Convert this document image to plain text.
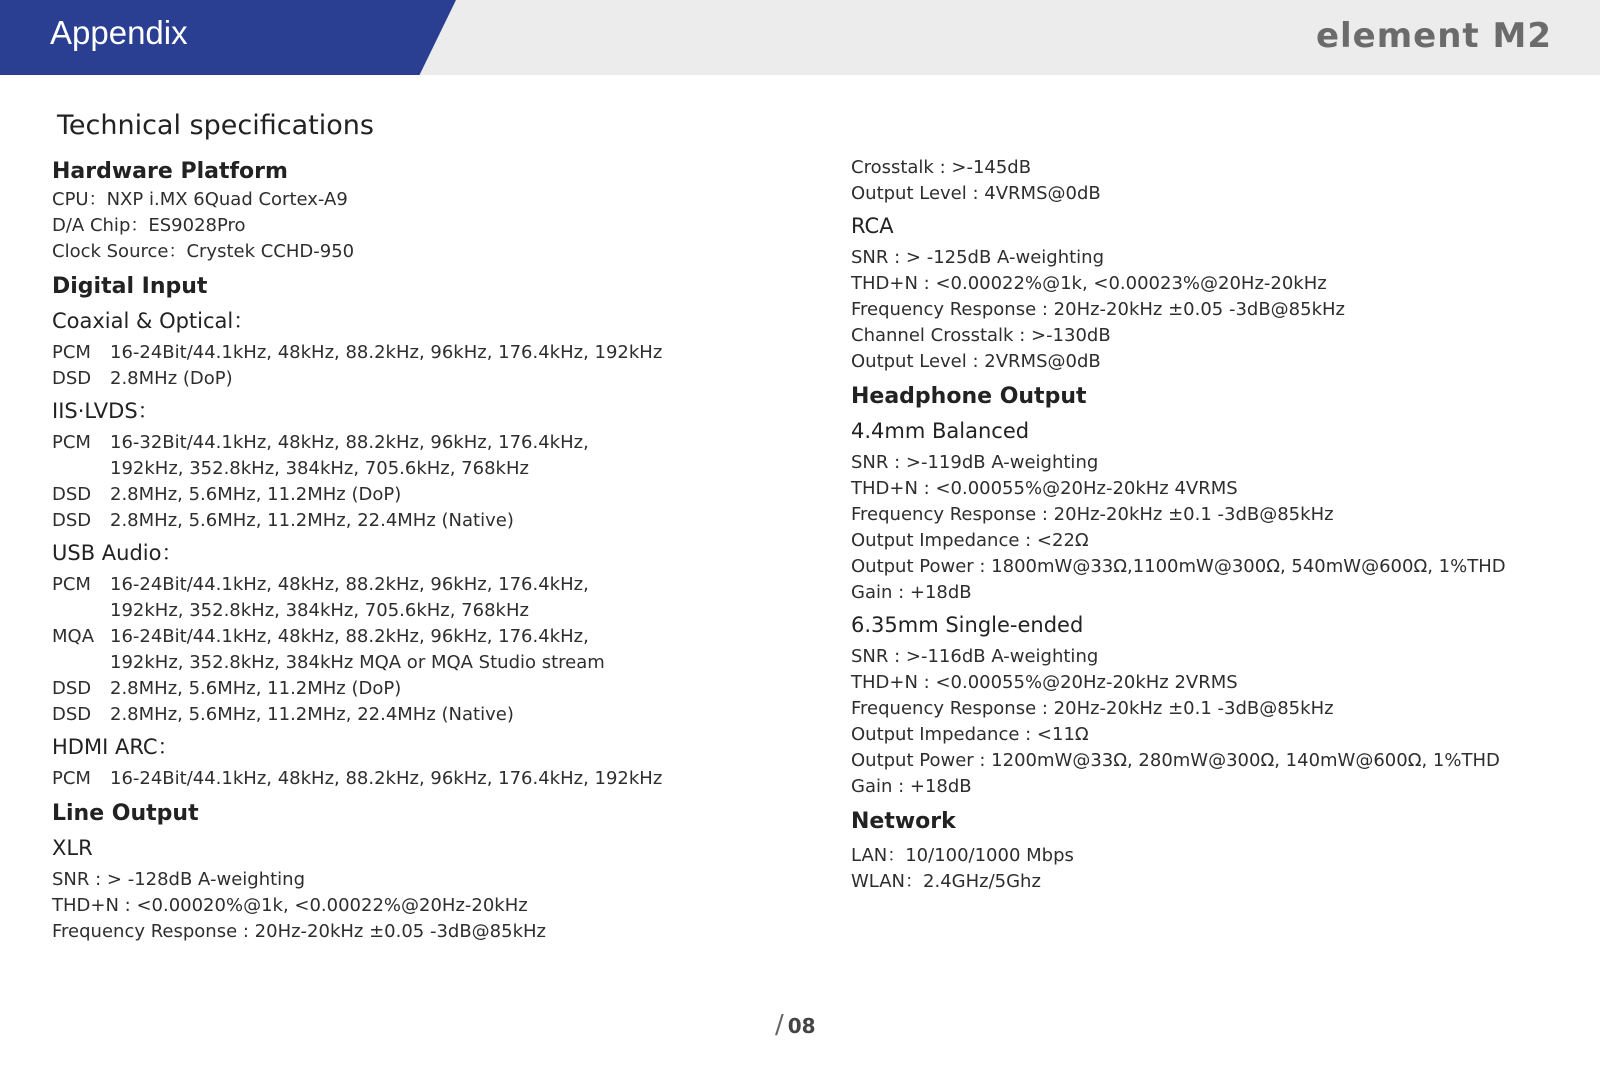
Appendix	element M2
Technical specifications
Hardware Platform
CPU：NXP i.MX 6Quad Cortex-A9
D/A Chip：ES9028Pro
Clock Source：Crystek CCHD-950
Digital Input
Coaxial & Optical：
PCM	16-24Bit/44.1kHz, 48kHz, 88.2kHz, 96kHz, 176.4kHz, 192kHz
DSD	2.8MHz (DoP)
IIS·LVDS：
PCM	16-32Bit/44.1kHz, 48kHz, 88.2kHz, 96kHz, 176.4kHz,
192kHz, 352.8kHz, 384kHz, 705.6kHz, 768kHz
DSD	2.8MHz, 5.6MHz, 11.2MHz (DoP)
DSD	2.8MHz, 5.6MHz, 11.2MHz, 22.4MHz (Native)
USB Audio：
PCM	16-24Bit/44.1kHz, 48kHz, 88.2kHz, 96kHz, 176.4kHz,
192kHz, 352.8kHz, 384kHz, 705.6kHz, 768kHz
MQA 16-24Bit/44.1kHz, 48kHz, 88.2kHz, 96kHz, 176.4kHz,
192kHz, 352.8kHz, 384kHz MQA or MQA Studio stream
DSD	2.8MHz, 5.6MHz, 11.2MHz (DoP)
DSD	2.8MHz, 5.6MHz, 11.2MHz, 22.4MHz (Native)
HDMI ARC：
PCM	16-24Bit/44.1kHz, 48kHz, 88.2kHz, 96kHz, 176.4kHz, 192kHz
Line Output
XLR
SNR : > -128dB A-weighting
THD+N : <0.00020%@1k, <0.00022%@20Hz-20kHz
Frequency Response : 20Hz-20kHz ±0.05 -3dB@85kHz
Crosstalk : >-145dB
Output Level : 4VRMS@0dB
RCA
SNR : > -125dB A-weighting
THD+N : <0.00022%@1k, <0.00023%@20Hz-20kHz
Frequency Response : 20Hz-20kHz ±0.05 -3dB@85kHz
Channel Crosstalk : >-130dB
Output Level : 2VRMS@0dB
Headphone Output
4.4mm Balanced
SNR : >-119dB A-weighting
THD+N : <0.00055%@20Hz-20kHz 4VRMS
Frequency Response : 20Hz-20kHz ±0.1 -3dB@85kHz
Output Impedance : <22Ω
Output Power : 1800mW@33Ω,1100mW@300Ω, 540mW@600Ω, 1%THD
Gain : +18dB
6.35mm Single-ended
SNR : >-116dB A-weighting
THD+N : <0.00055%@20Hz-20kHz 2VRMS
Frequency Response : 20Hz-20kHz ±0.1 -3dB@85kHz
Output Impedance : <11Ω
Output Power : 1200mW@33Ω, 280mW@300Ω, 140mW@600Ω, 1%THD
Gain : +18dB
Network
LAN：10/100/1000 Mbps
WLAN：2.4GHz/5Ghz
/ 08
